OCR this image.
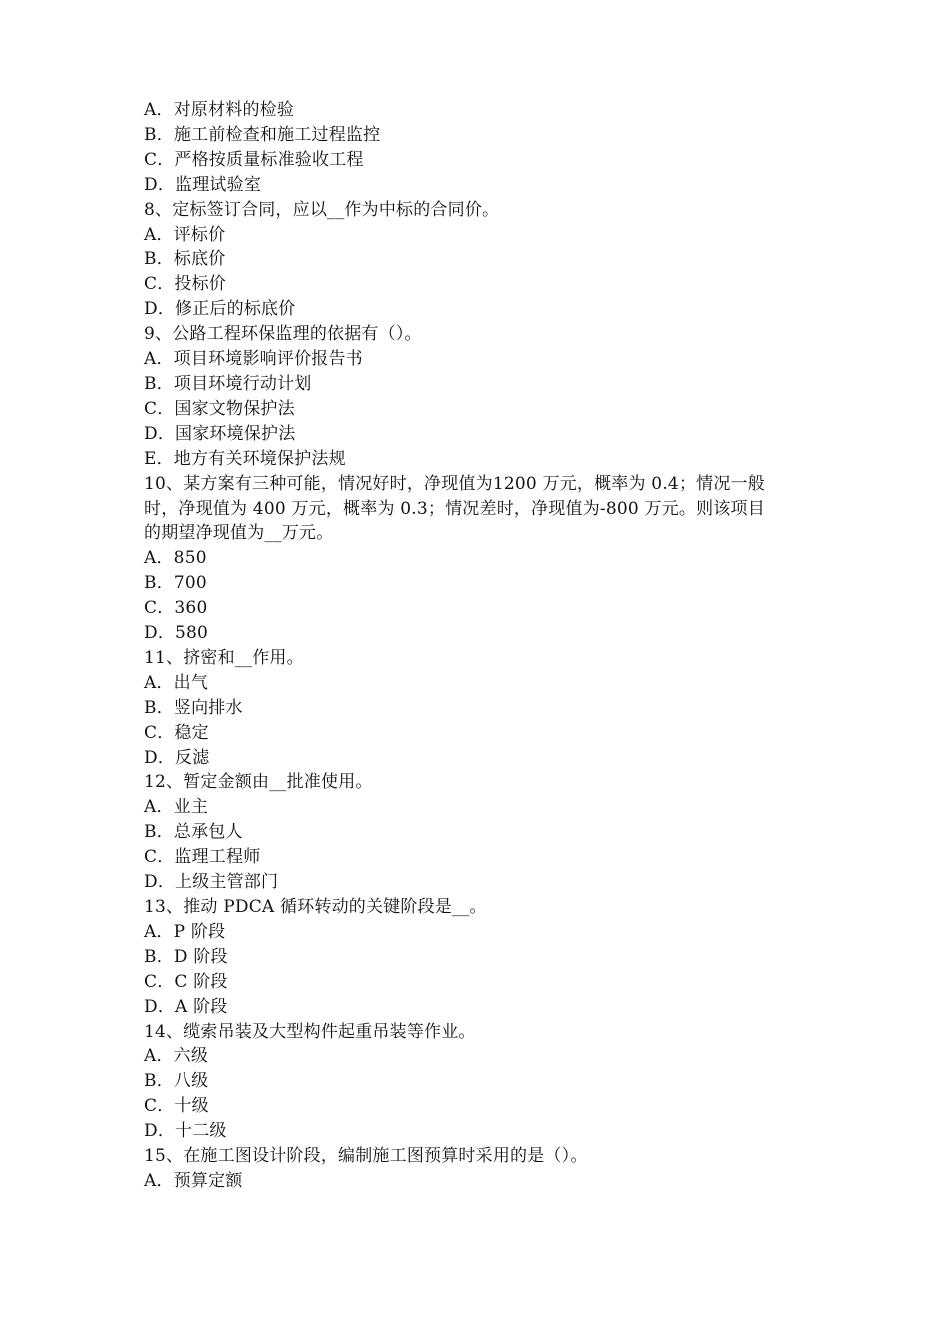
A．对原材料的检验
B．施工前检查和施工过程监控
C．严格按质量标准验收工程
D．监理试验室
8、定标签订合同，应以__作为中标的合同价。
A．评标价
B．标底价
C．投标价
D．修正后的标底价
9、公路工程环保监理的依据有（）。
A．项目环境影响评价报告书
B．项目环境行动计划
C．国家文物保护法
D．国家环境保护法
E．地方有关环境保护法规
10、某方案有三种可能，情况好时，净现值为1200 万元，概率为 0.4；情况一般
时，净现值为 400 万元，概率为 0.3；情况差时，净现值为-800 万元。则该项目
的期望净现值为__万元。
A．850
B．700
C．360
D．580
11、挤密和__作用。
A．出气
B．竖向排水
C．稳定
D．反滤
12、暂定金额由__批准使用。
A．业主
B．总承包人
C．监理工程师
D．上级主管部门
13、推动 PDCA 循环转动的关键阶段是__。
A．P 阶段
B．D 阶段
C．C 阶段
D．A 阶段
14、缆索吊装及大型构件起重吊装等作业。
A．六级
B．八级
C．十级
D．十二级
15、在施工图设计阶段，编制施工图预算时采用的是（）。
A．预算定额
